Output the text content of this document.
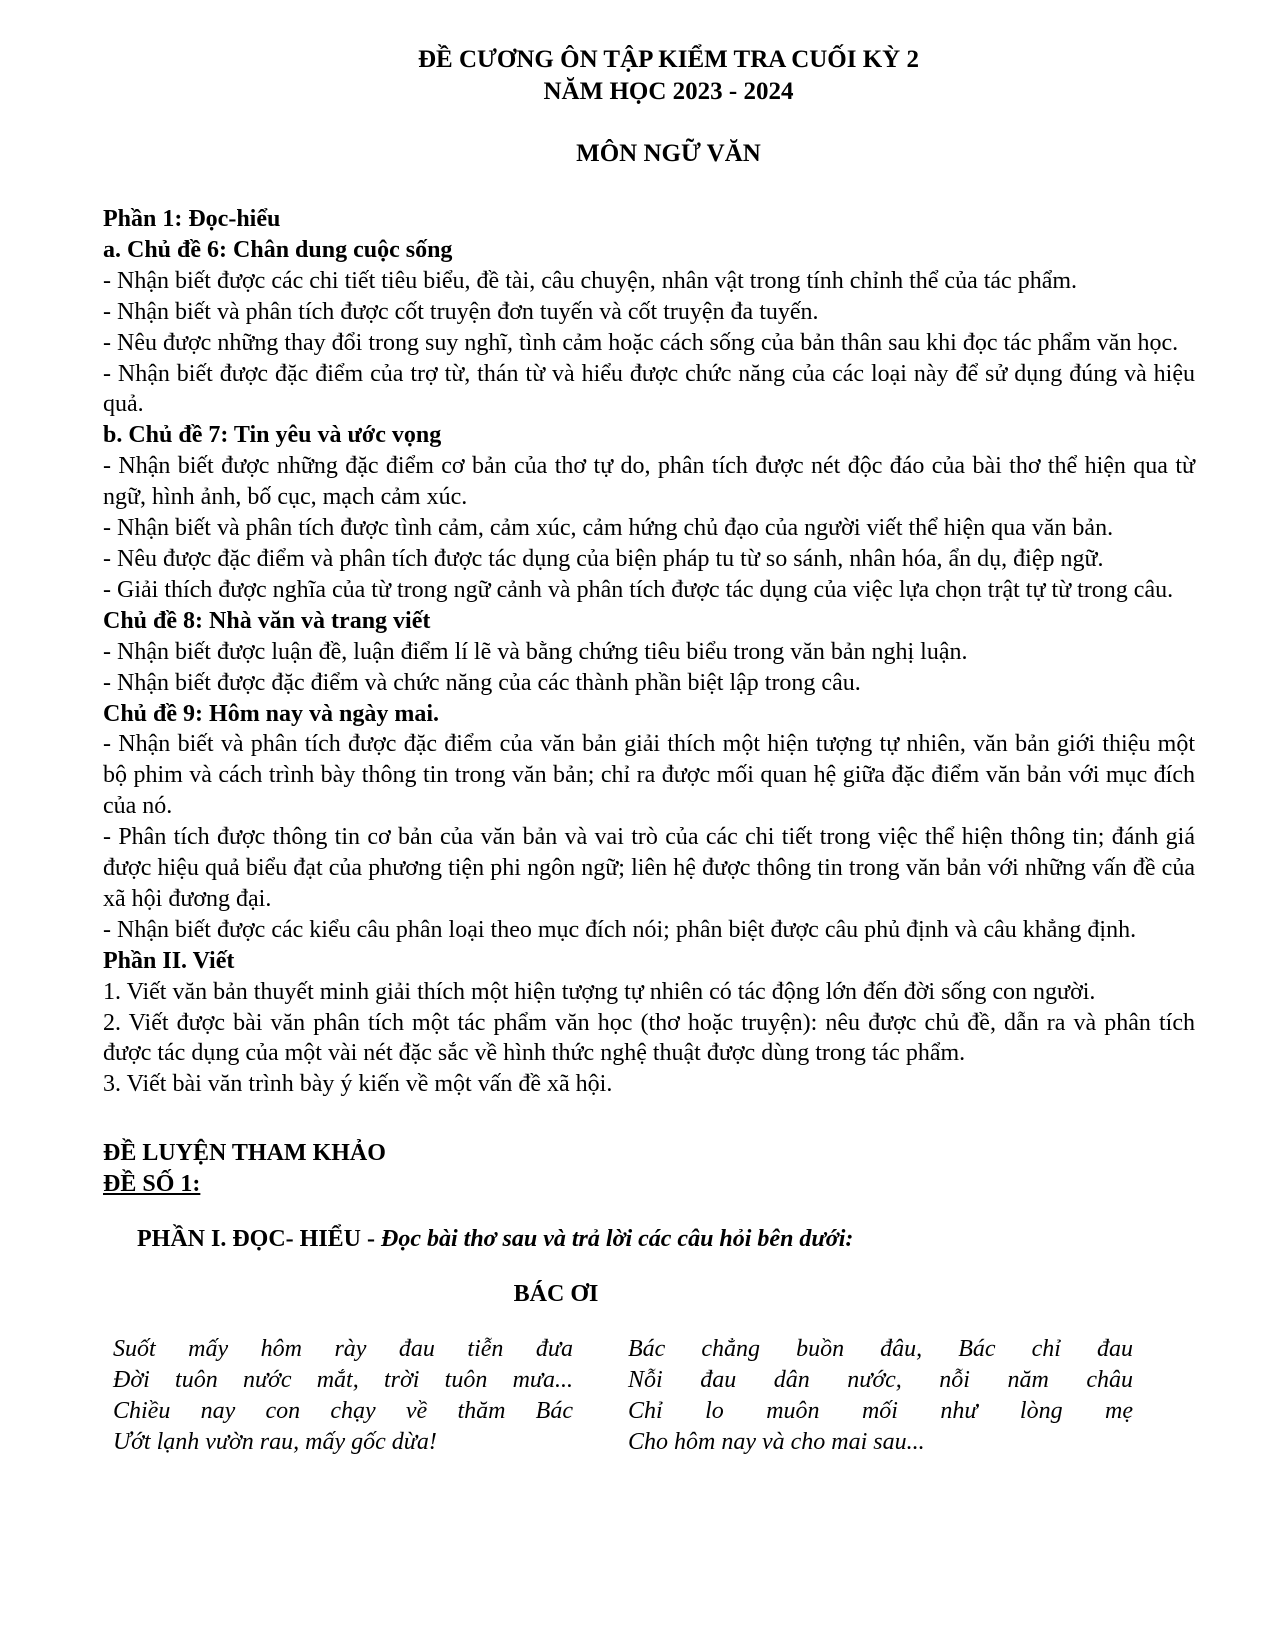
ĐỀ CƯƠNG ÔN TẬP KIỂM TRA CUỐI KỲ 2
NĂM HỌC 2023 - 2024
MÔN NGỮ VĂN

Phần 1: Đọc-hiểu

a. Chủ đề 6: Chân dung cuộc sống

- Nhận biết được các chi tiết tiêu biểu, đề tài, câu chuyện, nhân vật trong tính chỉnh thể của tác phẩm.

- Nhận biết và phân tích được cốt truyện đơn tuyến và cốt truyện đa tuyến.

- Nêu được những thay đổi trong suy nghĩ, tình cảm hoặc cách sống của bản thân sau khi đọc tác phẩm văn học.

- Nhận biết được đặc điểm của trợ từ, thán từ và hiểu được chức năng của các loại này để sử dụng đúng và hiệu quả.

b. Chủ đề 7: Tin yêu và ước vọng

- Nhận biết được những đặc điểm cơ bản của thơ tự do, phân tích được nét độc đáo của bài thơ thể hiện qua từ ngữ, hình ảnh, bố cục, mạch cảm xúc.

- Nhận biết và phân tích được tình cảm, cảm xúc, cảm hứng chủ đạo của người viết thể hiện qua văn bản.

- Nêu được đặc điểm và phân tích được tác dụng của biện pháp tu từ so sánh, nhân hóa, ẩn dụ, điệp ngữ.

- Giải thích được nghĩa của từ trong ngữ cảnh và phân tích được tác dụng của việc lựa chọn trật tự từ trong câu.

Chủ đề 8: Nhà văn và trang viết

- Nhận biết được luận đề, luận điểm lí lẽ và bằng chứng tiêu biểu trong văn bản nghị luận.

- Nhận biết được đặc điểm và chức năng của các thành phần biệt lập trong câu.

Chủ đề 9: Hôm nay và ngày mai.

- Nhận biết và phân tích được đặc điểm của văn bản giải thích một hiện tượng tự nhiên, văn bản giới thiệu một bộ phim và cách trình bày thông tin trong văn bản; chỉ ra được mối quan hệ giữa đặc điểm văn bản với mục đích của nó.

- Phân tích được thông tin cơ bản của văn bản và vai trò của các chi tiết trong việc thể hiện thông tin; đánh giá được hiệu quả biểu đạt của phương tiện phi ngôn ngữ; liên hệ được thông tin trong văn bản với những vấn đề của xã hội đương đại.

- Nhận biết được các kiểu câu phân loại theo mục đích nói; phân biệt được câu phủ định và câu khẳng định.

Phần II. Viết

1. Viết văn bản thuyết minh giải thích một hiện tượng tự nhiên có tác động lớn đến đời sống con người.

2. Viết được bài văn phân tích một tác phẩm văn học (thơ hoặc truyện): nêu được chủ đề, dẫn ra và phân tích được tác dụng của một vài nét đặc sắc về hình thức nghệ thuật được dùng trong tác phẩm.

3. Viết bài văn trình bày ý kiến về một vấn đề xã hội.

ĐỀ LUYỆN THAM KHẢO

ĐỀ SỐ 1:

PHẦN I. ĐỌC- HIỂU - Đọc bài thơ sau và trả lời các câu hỏi bên dưới:

BÁC ƠI

Suốt mấy hôm rày đau tiễn đưa
Đời tuôn nước mắt, trời tuôn mưa...
Chiều nay con chạy về thăm Bác
Ướt lạnh vườn rau, mấy gốc dừa!
Bác chẳng buồn đâu, Bác chỉ đau
Nỗi đau dân nước, nỗi năm châu
Chỉ lo muôn mối như lòng mẹ
Cho hôm nay và cho mai sau...
